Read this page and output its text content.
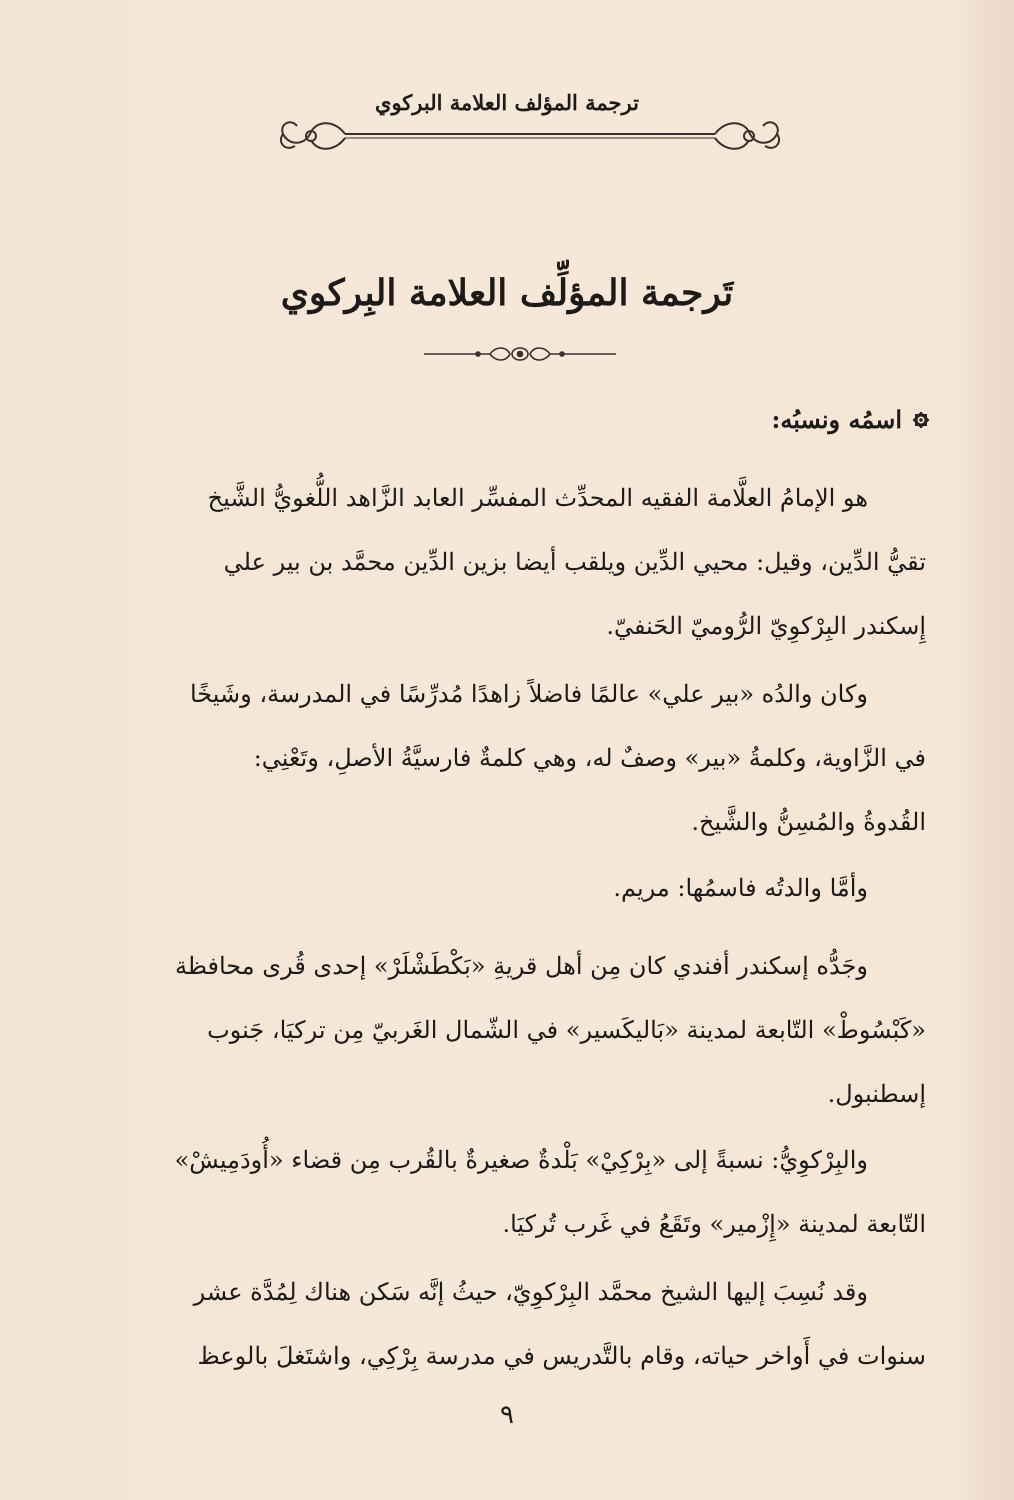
ترجمة المؤلف العلامة البركوي
تَرجمة المؤلِّف العلامة البِركوي
اسمُه ونسبُه:

هو الإمامُ العلَّامة الفقيه المحدِّث المفسِّر العابد الزَّاهد اللُّغويُّ الشَّيخ

تقيُّ الدِّين، وقيل: محيي الدِّين ويلقب أيضا بزين الدِّين محمَّد بن بير علي

إِسكندر البِرْكوِيّ الرُّوميّ الحَنفيّ.

وكان والدُه «بير علي» عالمًا فاضلاً زاهدًا مُدرِّسًا في المدرسة، وشَيخًا

في الزَّاوية، وكلمةُ «بير» وصفٌ له، وهي كلمةٌ فارسيَّةُ الأصلِ، وتَعْنِي:

القُدوةُ والمُسِنُّ والشَّيخ.

وأمَّا والدتُه فاسمُها: مريم.

وجَدُّه إسكندر أفندي كان مِن أهل قريةِ «بَكْطَشْلَرْ» إحدى قُرى محافظة

«كَبْسُوطْ» التّابعة لمدينة «بَاليكَسير» في الشّمال الغَربيّ مِن تركيَا، جَنوب

إسطنبول.

والبِرْكوِيُّ: نسبةً إلى «بِرْكِيْ» بَلْدةٌ صغيرةٌ بالقُرب مِن قضاء «أُودَمِيشْ»

التّابعة لمدينة «إِزْمير» وتَقَعُ في غَرب تُركيَا.

وقد نُسِبَ إليها الشيخ محمَّد البِرْكوِيّ، حيثُ إنَّه سَكن هناك لِمُدَّة عشر

سنوات في أَواخر حياته، وقام بالتَّدريس في مدرسة بِرْكِي، واشتَغلَ بالوعظ

٩
